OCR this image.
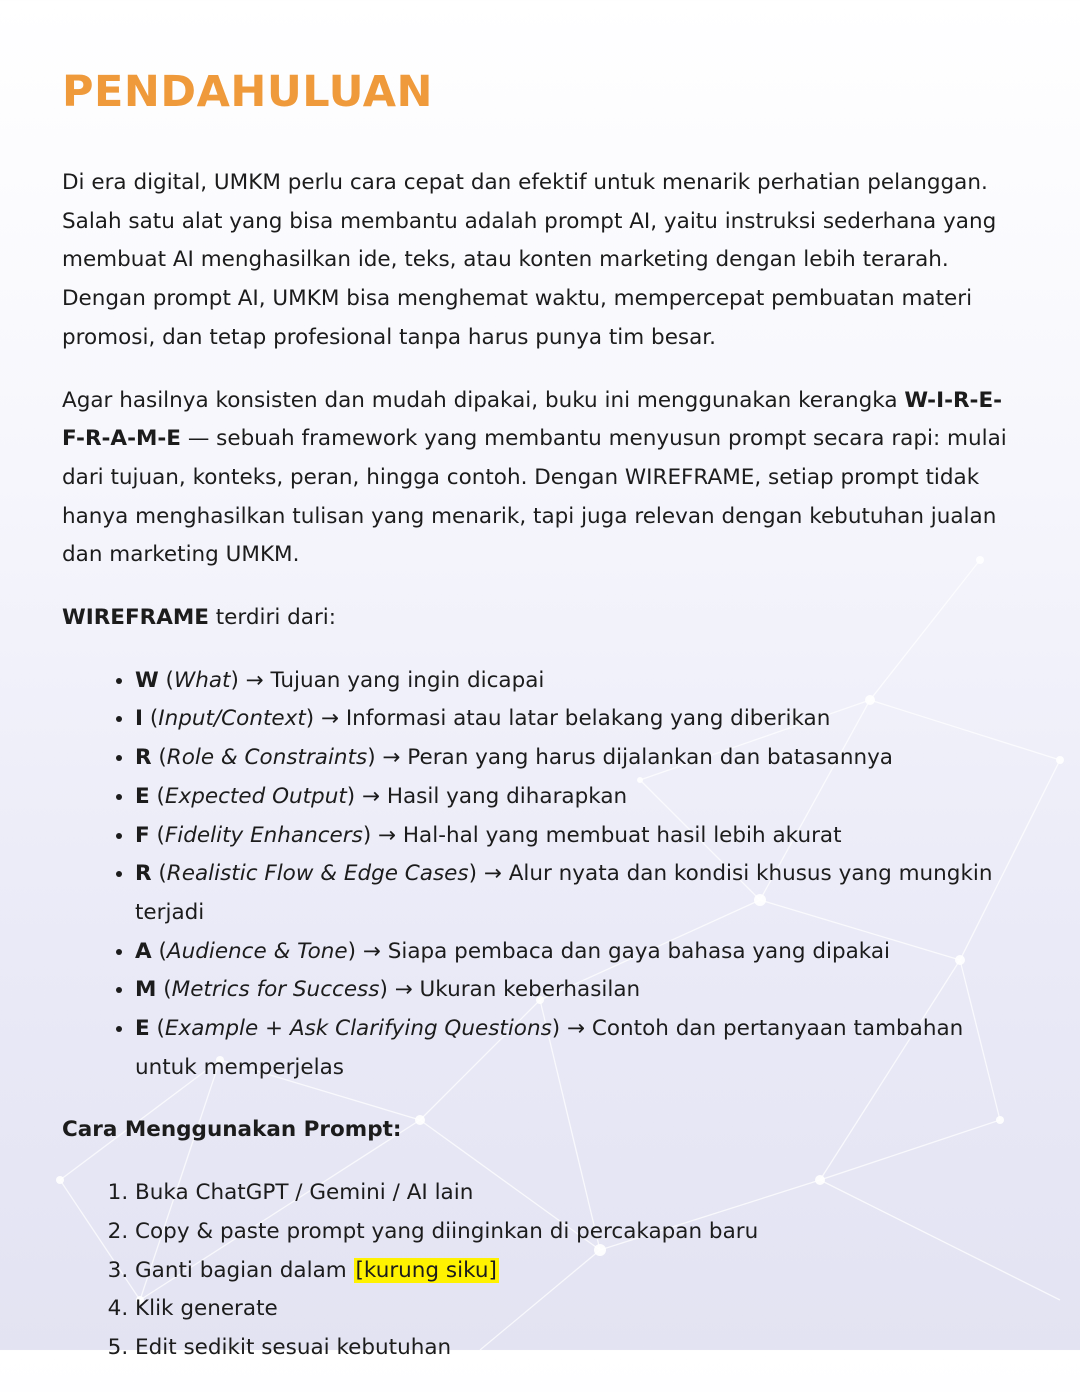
PENDAHULUAN

Di era digital, UMKM perlu cara cepat dan efektif untuk menarik perhatian pelanggan. Salah satu alat yang bisa membantu adalah prompt AI, yaitu instruksi sederhana yang membuat AI menghasilkan ide, teks, atau konten marketing dengan lebih terarah. Dengan prompt AI, UMKM bisa menghemat waktu, mempercepat pembuatan materi promosi, dan tetap profesional tanpa harus punya tim besar.

Agar hasilnya konsisten dan mudah dipakai, buku ini menggunakan kerangka W-I-R-E-F-R-A-M-E — sebuah framework yang membantu menyusun prompt secara rapi: mulai dari tujuan, konteks, peran, hingga contoh. Dengan WIREFRAME, setiap prompt tidak hanya menghasilkan tulisan yang menarik, tapi juga relevan dengan kebutuhan jualan dan marketing UMKM.

WIREFRAME terdiri dari:
• W (What) → Tujuan yang ingin dicapai
• I (Input/Context) → Informasi atau latar belakang yang diberikan
• R (Role & Constraints) → Peran yang harus dijalankan dan batasannya
• E (Expected Output) → Hasil yang diharapkan
• F (Fidelity Enhancers) → Hal-hal yang membuat hasil lebih akurat
• R (Realistic Flow & Edge Cases) → Alur nyata dan kondisi khusus yang mungkin terjadi
• A (Audience & Tone) → Siapa pembaca dan gaya bahasa yang dipakai
• M (Metrics for Success) → Ukuran keberhasilan
• E (Example + Ask Clarifying Questions) → Contoh dan pertanyaan tambahan untuk memperjelas
Cara Menggunakan Prompt:
1. Buka ChatGPT / Gemini / AI lain
2. Copy & paste prompt yang diinginkan di percakapan baru
3. Ganti bagian dalam [kurung siku]
4. Klik generate
5. Edit sedikit sesuai kebutuhan
